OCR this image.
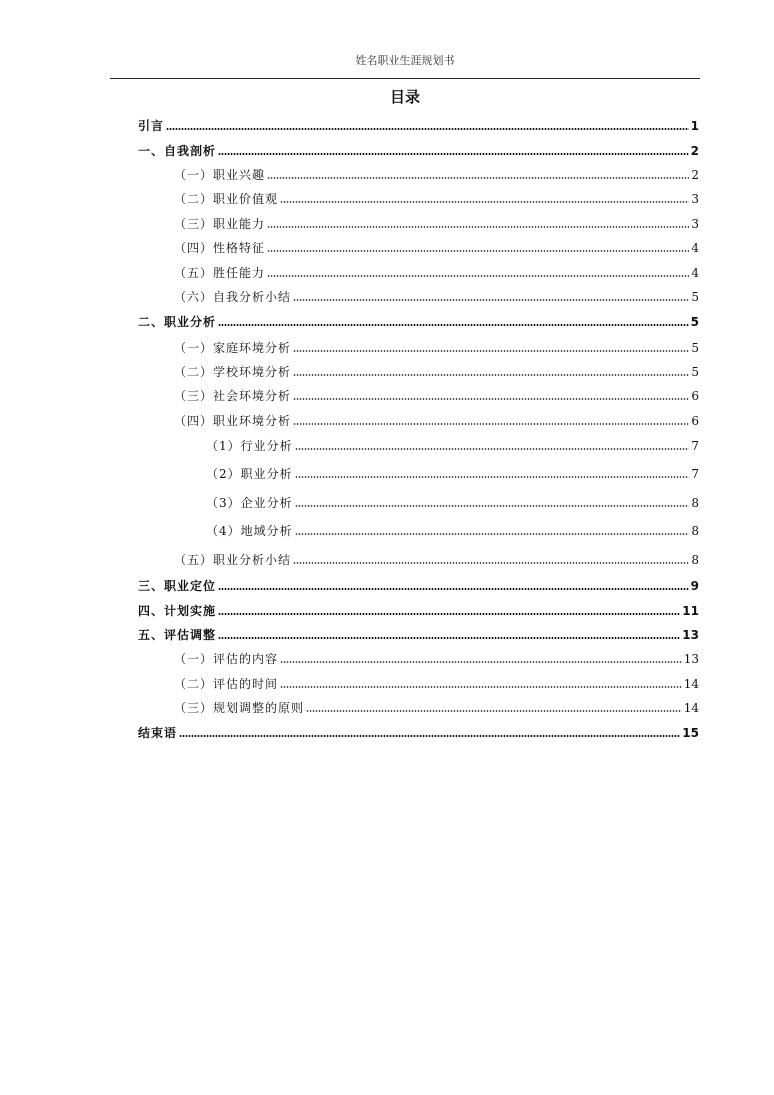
姓名职业生涯规划书
目录
引言	1
一、自我剖析	2
（一）职业兴趣	2
（二）职业价值观	3
（三）职业能力	3
（四）性格特征	4
（五）胜任能力	4
（六）自我分析小结	5
二、职业分析	5
（一）家庭环境分析	5
（二）学校环境分析	5
（三）社会环境分析	6
（四）职业环境分析	6
（1）行业分析	7
（2）职业分析	7
（3）企业分析	8
（4）地域分析	8
（五）职业分析小结	8
三、职业定位	9
四、计划实施	11
五、评估调整	13
（一）评估的内容	13
（二）评估的时间	14
（三）规划调整的原则	14
结束语	15
